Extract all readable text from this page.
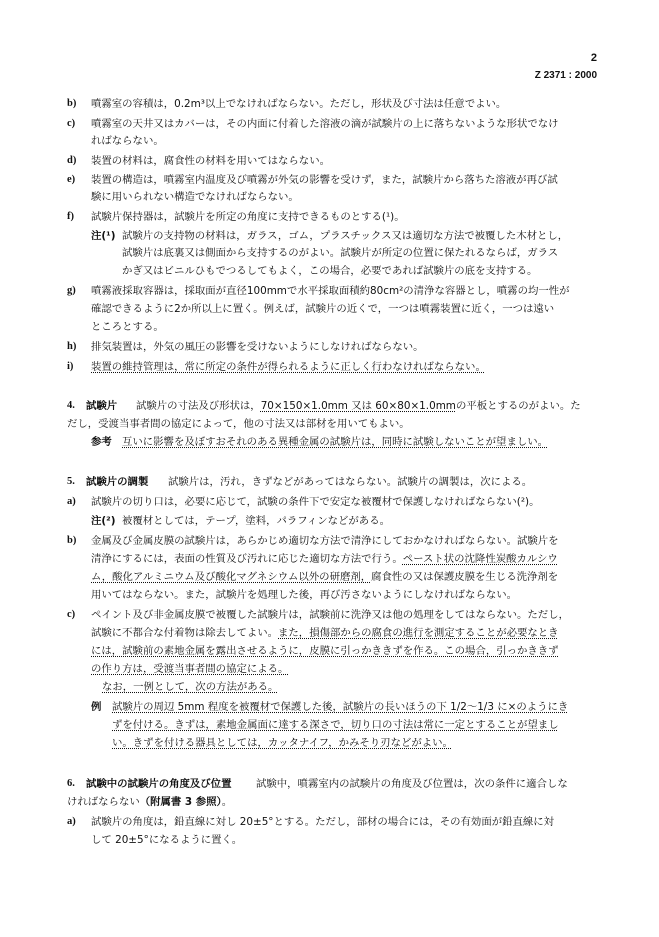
2
Z 2371 : 2000
b) 噴霧室の容積は，0.2m³以上でなければならない。ただし，形状及び寸法は任意でよい。
c) 噴霧室の天井又はカバーは，その内面に付着した溶液の滴が試験片の上に落ちないような形状でなけ
ればならない。
d) 装置の材料は，腐食性の材料を用いてはならない。
e) 装置の構造は，噴霧室内温度及び噴霧が外気の影響を受けず，また，試験片から落ちた溶液が再び試
験に用いられない構造でなければならない。
f) 試験片保持器は，試験片を所定の角度に支持できるものとする(¹)。
注(¹) 試験片の支持物の材料は，ガラス，ゴム，プラスチックス又は適切な方法で被覆した木材とし，
試験片は底裏又は側面から支持するのがよい。試験片が所定の位置に保たれるならば，ガラス
かぎ又はビニルひもでつるしてもよく，この場合，必要であれば試験片の底を支持する。
g) 噴霧液採取容器は，採取面が直径100mmで水平採取面積約80cm²の清浄な容器とし，噴霧の均一性が
確認できるように2か所以上に置く。例えば，試験片の近くで，一つは噴霧装置に近く，一つは遠い
ところとする。
h) 排気装置は，外気の風圧の影響を受けないようにしなければならない。
i) 装置の維持管理は，常に所定の条件が得られるように正しく行わなければならない。
4. 試験片 試験片の寸法及び形状は，70×150×1.0mm 又は 60×80×1.0mmの平板とするのがよい。た
だし，受渡当事者間の協定によって，他の寸法又は部材を用いてもよい。
参考 互いに影響を及ぼすおそれのある異種金属の試験片は，同時に試験しないことが望ましい。
5. 試験片の調製 試験片は，汚れ，きずなどがあってはならない。試験片の調製は，次による。
a) 試験片の切り口は，必要に応じて，試験の条件下で安定な被覆材で保護しなければならない(²)。
注(²) 被覆材としては，テープ，塗料，パラフィンなどがある。
b) 金属及び金属皮膜の試験片は，あらかじめ適切な方法で清浄にしておかなければならない。試験片を
清浄にするには，表面の性質及び汚れに応じた適切な方法で行う。ペースト状の沈降性炭酸カルシウ
ム，酸化アルミニウム及び酸化マグネシウム以外の研磨剤，腐食性の又は保護皮膜を生じる洗浄剤を
用いてはならない。また，試験片を処理した後，再び汚さないようにしなければならない。
c) ペイント及び非金属皮膜で被覆した試験片は，試験前に洗浄又は他の処理をしてはならない。ただし，
試験に不都合な付着物は除去してよい。また，損傷部からの腐食の進行を測定することが必要なとき
には，試験前の素地金属を露出させるように，皮膜に引っかききずを作る。この場合，引っかききず
の作り方は，受渡当事者間の協定による。
なお，一例として，次の方法がある。
例 試験片の周辺 5mm 程度を被覆材で保護した後，試験片の長いほうの下 1/2〜1/3 に×のようにき
ずを付ける。きずは，素地金属面に達する深さで，切り口の寸法は常に一定とすることが望まし
い。きずを付ける器具としては，カッタナイフ，かみそり刃などがよい。
6. 試験中の試験片の角度及び位置 試験中，噴霧室内の試験片の角度及び位置は，次の条件に適合しな
ければならない（附属書 3 参照）。
a) 試験片の角度は，鉛直線に対し 20±5°とする。ただし，部材の場合には，その有効面が鉛直線に対
して 20±5°になるように置く。
